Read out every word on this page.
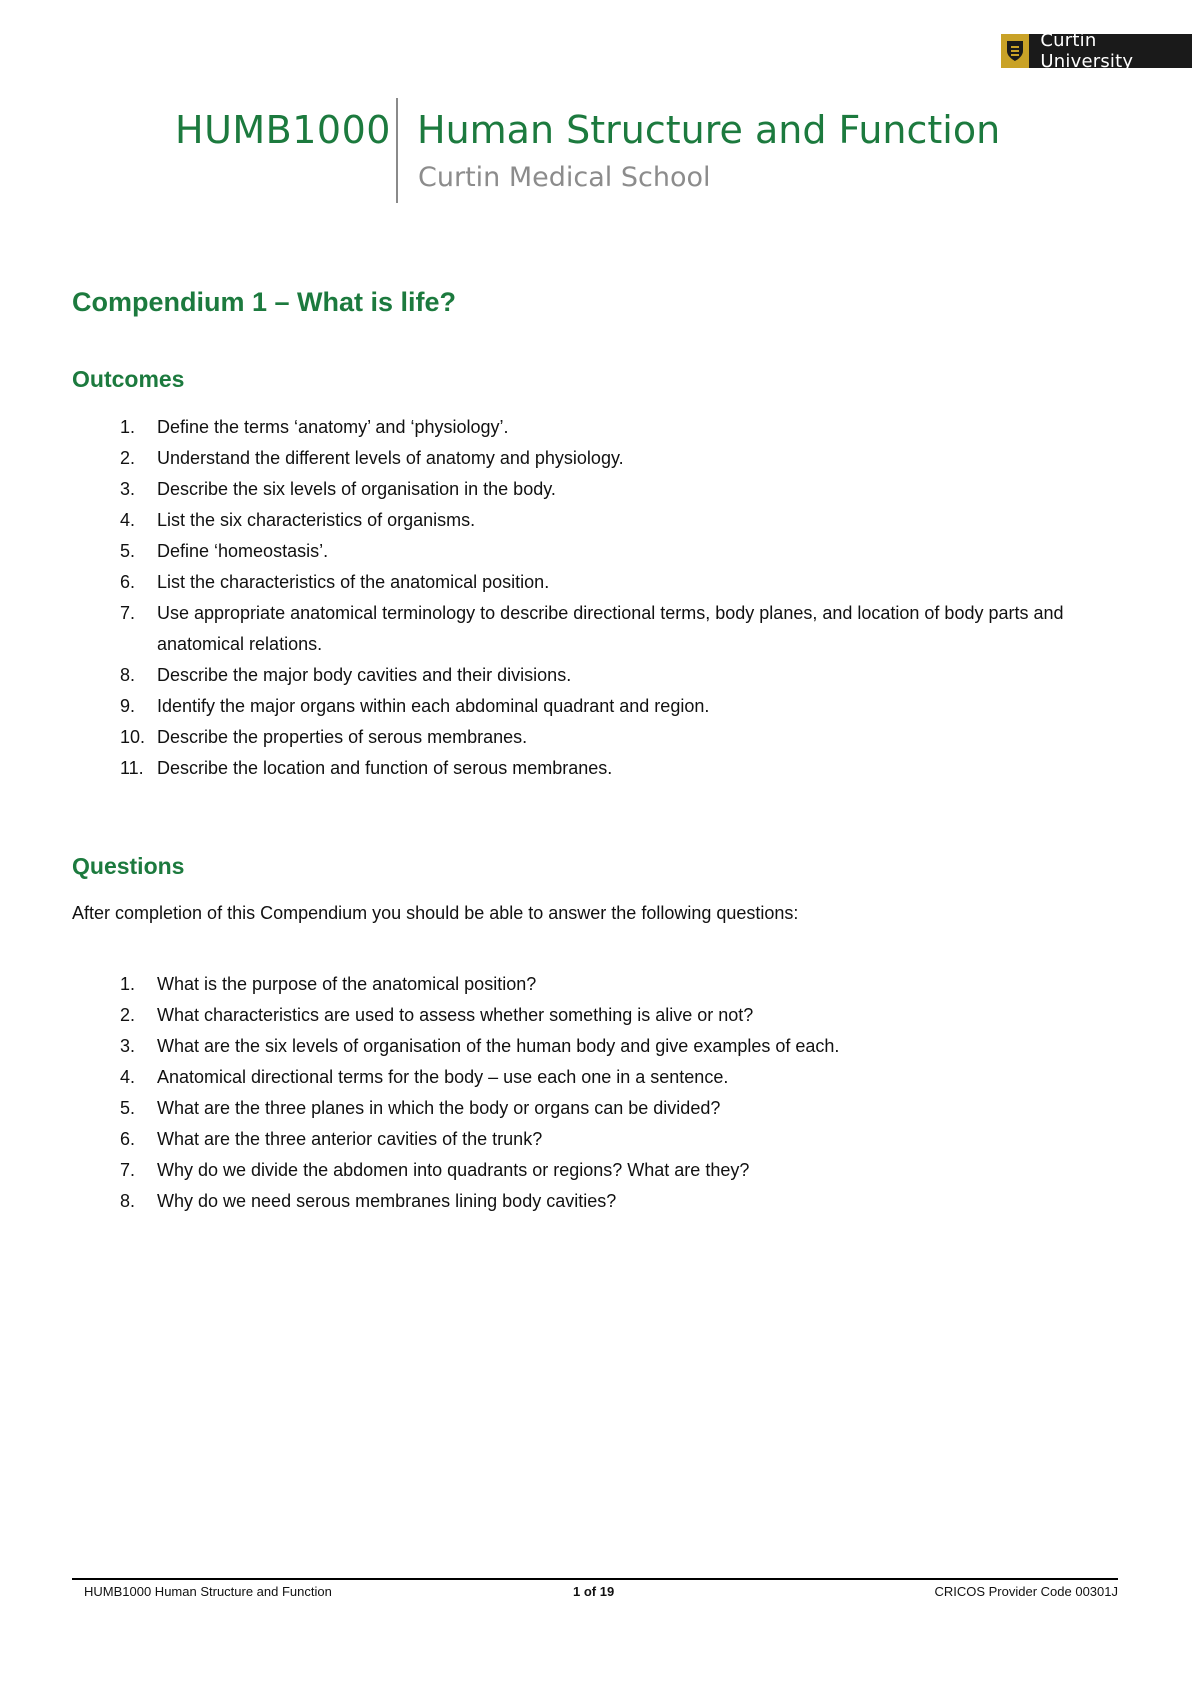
Curtin University
HUMB1000 Human Structure and Function
Curtin Medical School
Compendium 1 – What is life?
Outcomes
1.	Define the terms ‘anatomy’ and ‘physiology’.
2.	Understand the different levels of anatomy and physiology.
3.	Describe the six levels of organisation in the body.
4.	List the six characteristics of organisms.
5.	Define ‘homeostasis’.
6.	List the characteristics of the anatomical position.
7.	Use appropriate anatomical terminology to describe directional terms, body planes, and location of body parts and anatomical relations.
8.	Describe the major body cavities and their divisions.
9.	Identify the major organs within each abdominal quadrant and region.
10. Describe the properties of serous membranes.
11. Describe the location and function of serous membranes.
Questions

After completion of this Compendium you should be able to answer the following questions:

1.	What is the purpose of the anatomical position?
2.	What characteristics are used to assess whether something is alive or not?
3.	What are the six levels of organisation of the human body and give examples of each.
4.	Anatomical directional terms for the body – use each one in a sentence.
5.	What are the three planes in which the body or organs can be divided?
6.	What are the three anterior cavities of the trunk?
7.	Why do we divide the abdomen into quadrants or regions? What are they?
8.	Why do we need serous membranes lining body cavities?
HUMB1000 Human Structure and Function	1 of 19	CRICOS Provider Code 00301J
